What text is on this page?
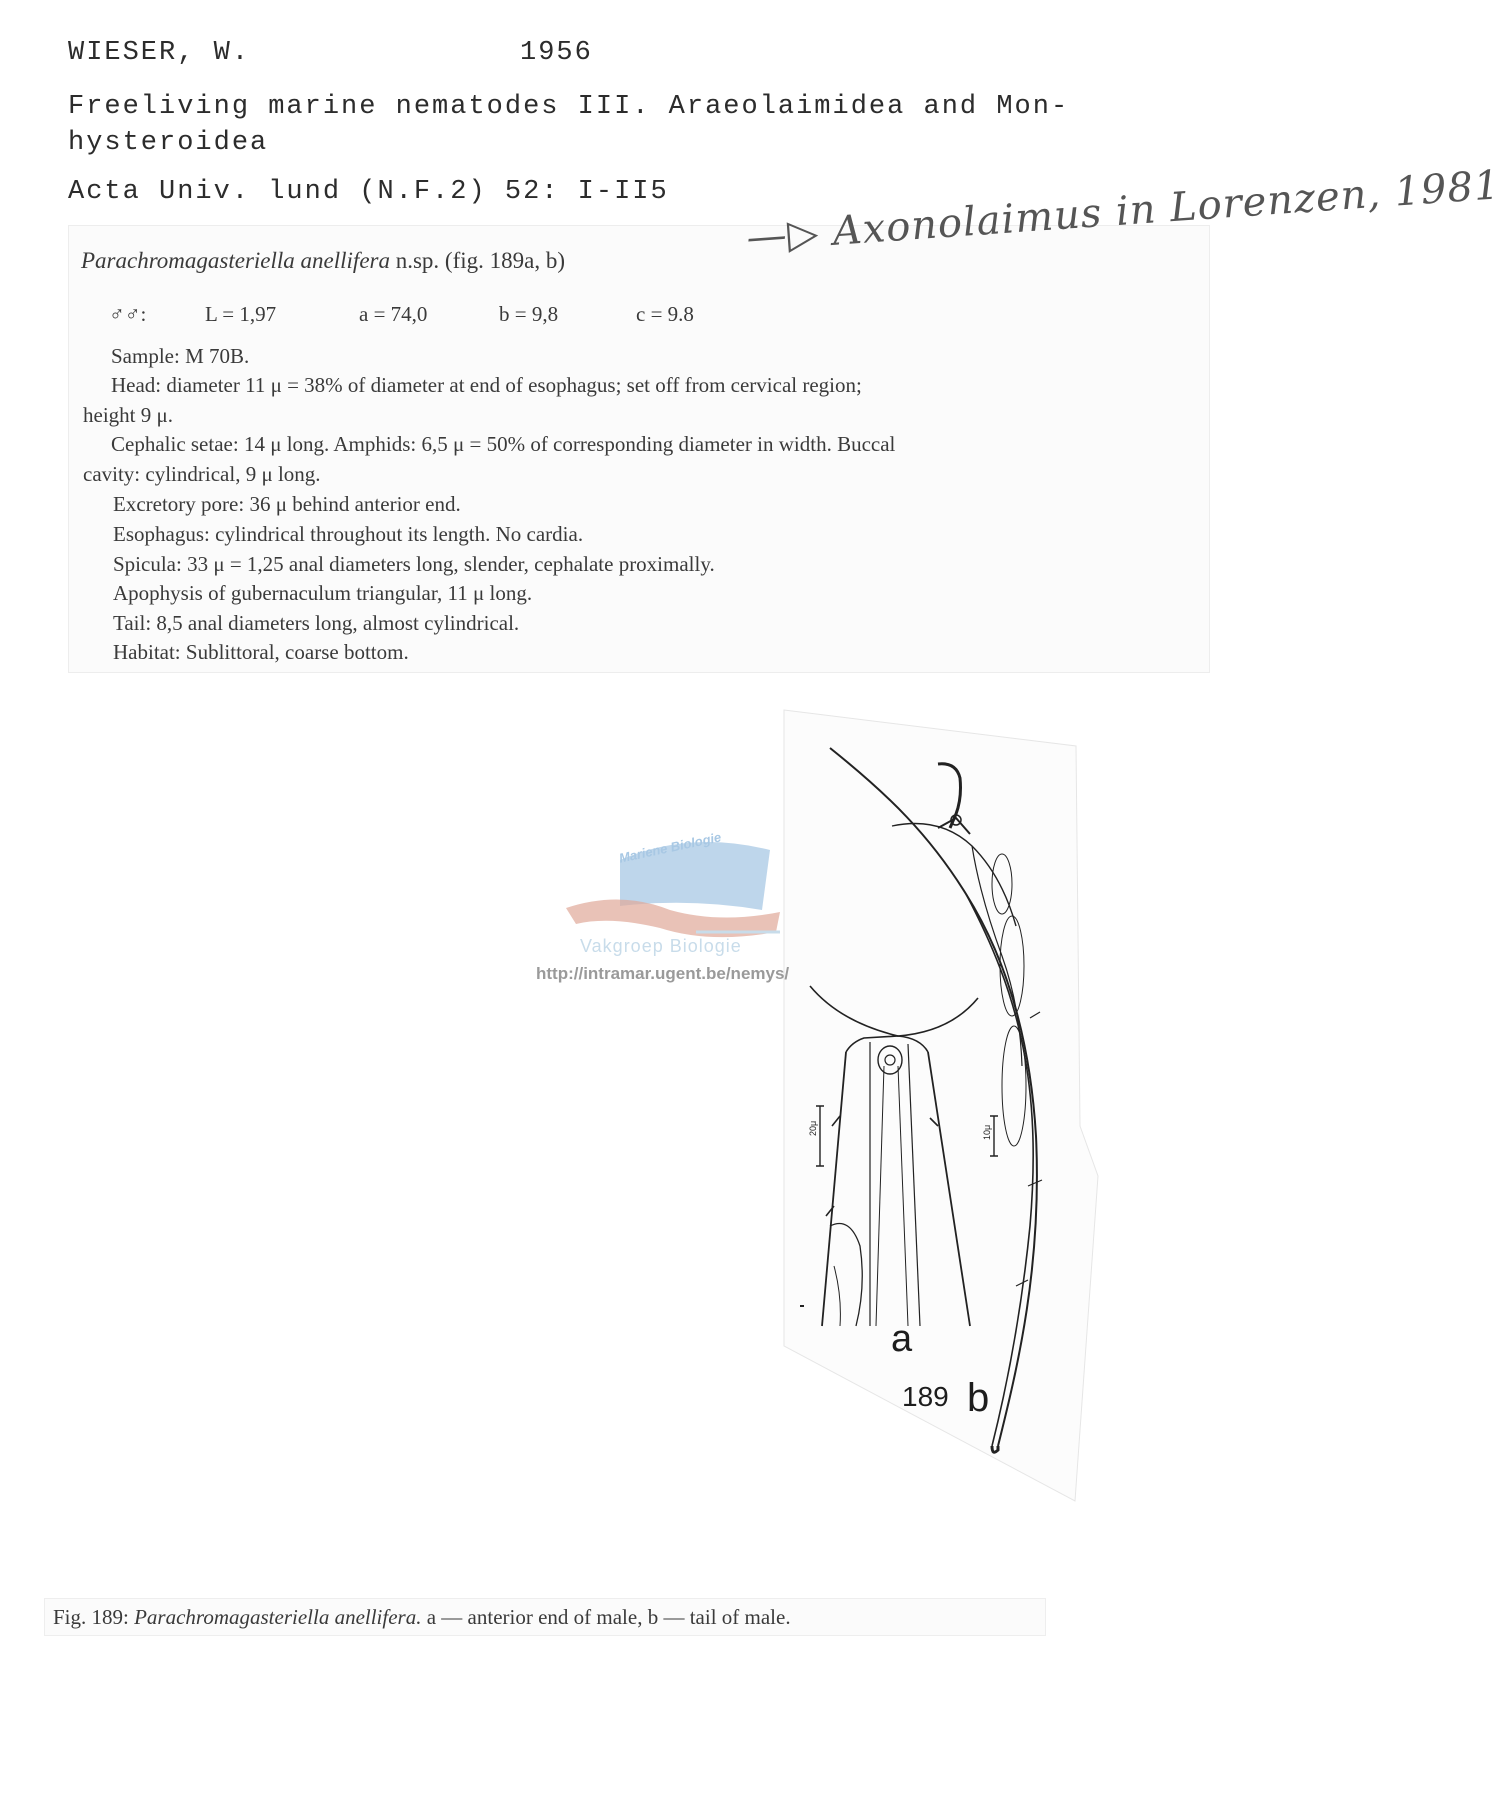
WIESER, W.	1956
Freeliving marine nematodes III. Araeolaimidea and Mon-
hysteroidea
Acta Univ. lund (N.F.2) 52: I-II5
Parachromagasteriella anellifera n.sp. (fig. 189a, b)
♂♂:	L = 1,97	a = 74,0	b = 9,8	c = 9.8
Sample: M 70B.
Head: diameter 11 μ = 38% of diameter at end of esophagus; set off from cervical region;
height 9 μ.
Cephalic setae: 14 μ long. Amphids: 6,5 μ = 50% of corresponding diameter in width. Buccal
cavity: cylindrical, 9 μ long.
Excretory pore: 36 μ behind anterior end.
Esophagus: cylindrical throughout its length. No cardia.
Spicula: 33 μ = 1,25 anal diameters long, slender, cephalate proximally.
Apophysis of gubernaculum triangular, 11 μ long.
Tail: 8,5 anal diameters long, almost cylindrical.
Habitat: Sublittoral, coarse bottom.
—▷ Axonolaimus in Lorenzen, 1981
20μ	10μ
a
189 b
Mariene Biologie
Vakgroep Biologie
http://intramar.ugent.be/nemys/
Fig. 189: Parachromagasteriella anellifera. a — anterior end of male, b — tail of male.
